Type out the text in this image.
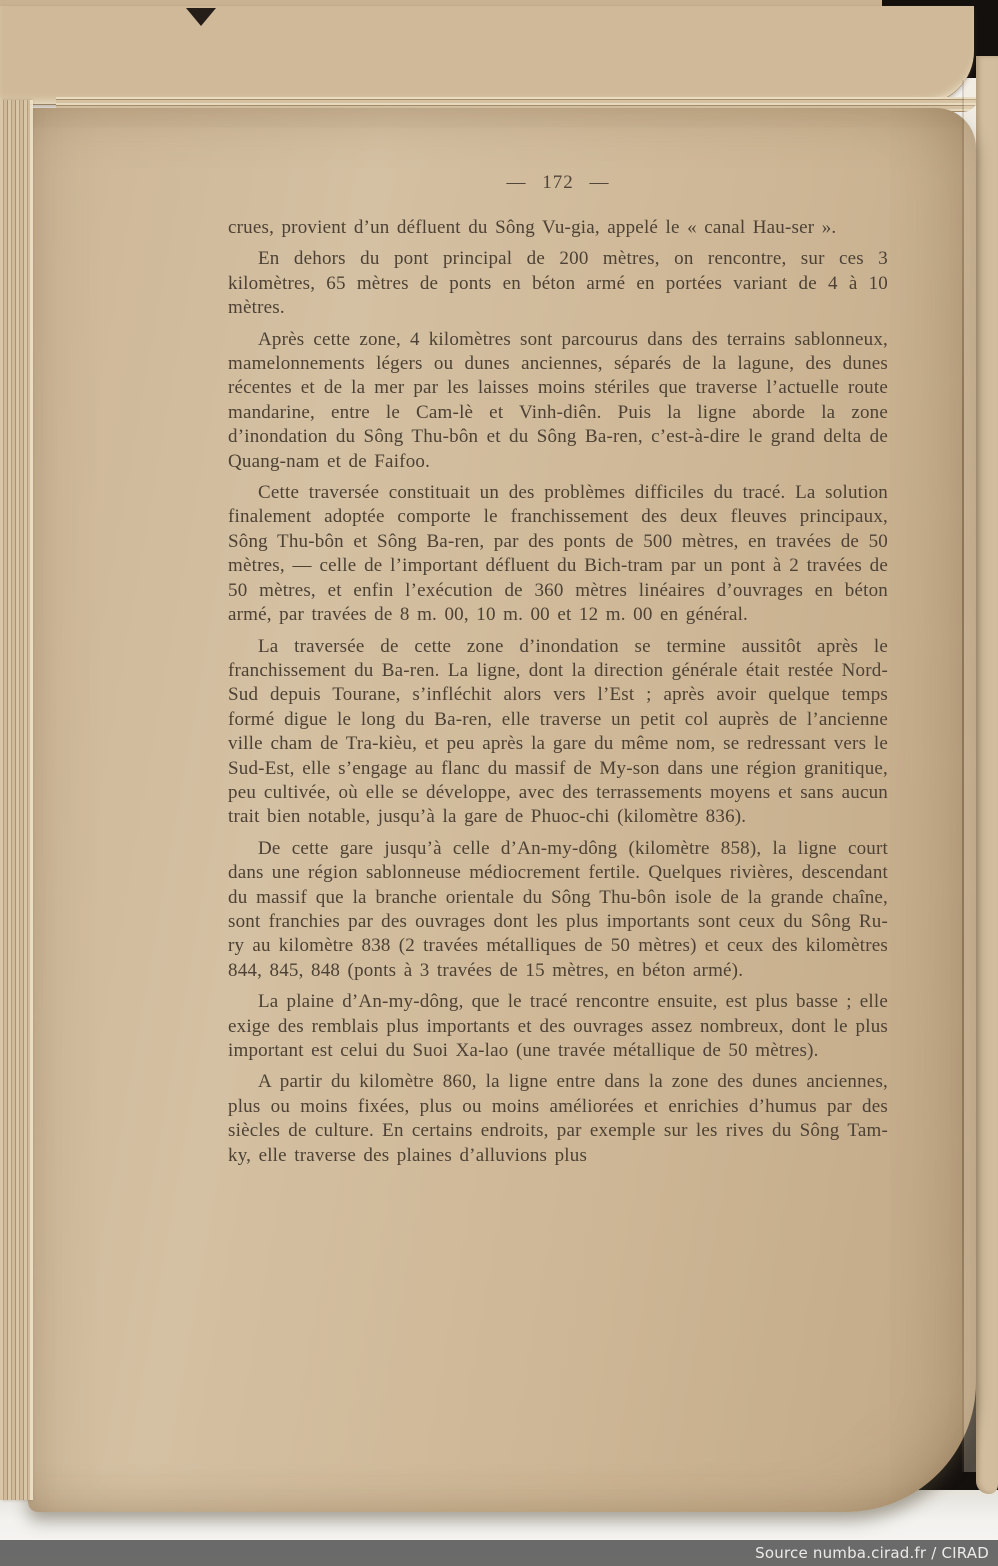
— 172 —

crues, provient d’un défluent du Sông Vu-gia, appelé le « canal Hau-ser ».

En dehors du pont principal de 200 mètres, on rencontre, sur ces 3 kilomètres, 65 mètres de ponts en béton armé en portées variant de 4 à 10 mètres.

Après cette zone, 4 kilomètres sont parcourus dans des terrains sablonneux, mamelonnements légers ou dunes anciennes, séparés de la lagune, des dunes récentes et de la mer par les laisses moins stériles que traverse l’actuelle route mandarine, entre le Cam-lè et Vinh-diên. Puis la ligne aborde la zone d’inondation du Sông Thu-bôn et du Sông Ba-ren, c’est-à-dire le grand delta de Quang-nam et de Faifoo.

Cette traversée constituait un des problèmes difficiles du tracé. La solution finalement adoptée comporte le franchissement des deux fleuves principaux, Sông Thu-bôn et Sông Ba-ren, par des ponts de 500 mètres, en travées de 50 mètres, — celle de l’important défluent du Bich-tram par un pont à 2 travées de 50 mètres, et enfin l’exécution de 360 mètres linéaires d’ouvrages en béton armé, par travées de 8 m. 00, 10 m. 00 et 12 m. 00 en général.

La traversée de cette zone d’inondation se termine aussitôt après le franchissement du Ba-ren. La ligne, dont la direction générale était restée Nord-Sud depuis Tourane, s’infléchit alors vers l’Est ; après avoir quelque temps formé digue le long du Ba-ren, elle traverse un petit col auprès de l’ancienne ville cham de Tra-kièu, et peu après la gare du même nom, se redressant vers le Sud-Est, elle s’engage au flanc du massif de My-son dans une région granitique, peu cultivée, où elle se développe, avec des terrassements moyens et sans aucun trait bien notable, jusqu’à la gare de Phuoc-chi (kilomètre 836).

De cette gare jusqu’à celle d’An-my-dông (kilomètre 858), la ligne court dans une région sablonneuse médiocrement fertile. Quelques rivières, descendant du massif que la branche orientale du Sông Thu-bôn isole de la grande chaîne, sont franchies par des ouvrages dont les plus importants sont ceux du Sông Ru-ry au kilomètre 838 (2 travées métalliques de 50 mètres) et ceux des kilomètres 844, 845, 848 (ponts à 3 travées de 15 mètres, en béton armé).

La plaine d’An-my-dông, que le tracé rencontre ensuite, est plus basse ; elle exige des remblais plus importants et des ouvrages assez nombreux, dont le plus important est celui du Suoi Xa-lao (une travée métallique de 50 mètres).

A partir du kilomètre 860, la ligne entre dans la zone des dunes anciennes, plus ou moins fixées, plus ou moins améliorées et enrichies d’humus par des siècles de culture. En certains endroits, par exemple sur les rives du Sông Tam-ky, elle traverse des plaines d’alluvions plus

Source numba.cirad.fr / CIRAD
